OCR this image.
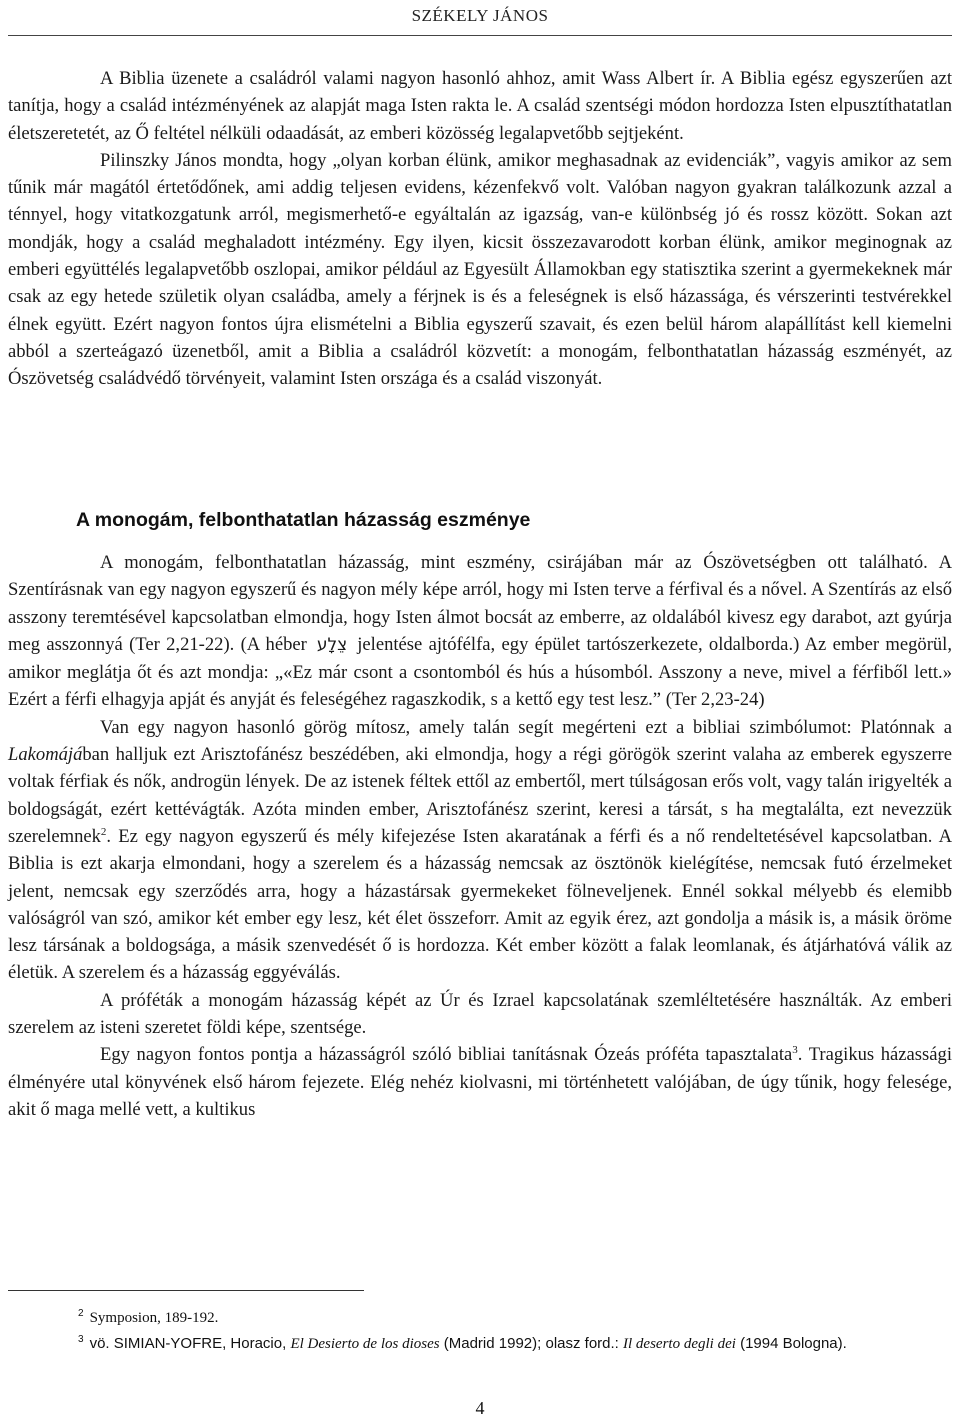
SZÉKELY JÁNOS

A Biblia üzenete a családról valami nagyon hasonló ahhoz, amit Wass Albert ír. A Biblia egész egyszerűen azt tanítja, hogy a család intézményének az alapját maga Isten rakta le. A család szentségi módon hordozza Isten elpusztíthatatlan életszeretetét, az Ő feltétel nélküli odaadását, az emberi közösség legalapvetőbb sejtjeként.

Pilinszky János mondta, hogy „olyan korban élünk, amikor meghasadnak az evidenciák”, vagyis amikor az sem tűnik már magától értetődőnek, ami addig teljesen evidens, kézenfekvő volt. Valóban nagyon gyakran találkozunk azzal a ténnyel, hogy vitatkozgatunk arról, megismerhető-e egyáltalán az igazság, van-e különbség jó és rossz között. Sokan azt mondják, hogy a család meghaladott intézmény. Egy ilyen, kicsit összezavarodott korban élünk, amikor meginognak az emberi együttélés legalapvetőbb oszlopai, amikor például az Egyesült Államokban egy statisztika szerint a gyermekeknek már csak az egy hetede születik olyan családba, amely a férjnek is és a feleségnek is első házassága, és vérszerinti testvérekkel élnek együtt. Ezért nagyon fontos újra elismételni a Biblia egyszerű szavait, és ezen belül három alapállítást kell kiemelni abból a szerteágazó üzenetből, amit a Biblia a családról közvetít: a monogám, felbonthatatlan házasság eszményét, az Ószövetség családvédő törvényeit, valamint Isten országa és a család viszonyát.

A monogám, felbonthatatlan házasság eszménye

A monogám, felbonthatatlan házasság, mint eszmény, csirájában már az Ószövetségben ott található. A Szentírásnak van egy nagyon egyszerű és nagyon mély képe arról, hogy mi Isten terve a férfival és a nővel. A Szentírás az első asszony teremtésével kapcsolatban elmondja, hogy Isten álmot bocsát az emberre, az oldalából kivesz egy darabot, azt gyúrja meg asszonnyá (Ter 2,21-22). (A héber צֵלָע jelentése ajtófélfa, egy épület tartószerkezete, oldalborda.) Az ember megörül, amikor meglátja őt és azt mondja: „«Ez már csont a csontomból és hús a húsomból. Asszony a neve, mivel a férfiből lett.» Ezért a férfi elhagyja apját és anyját és feleségéhez ragaszkodik, s a kettő egy test lesz.” (Ter 2,23-24)

Van egy nagyon hasonló görög mítosz, amely talán segít megérteni ezt a bibliai szimbólumot: Platónnak a Lakomájában halljuk ezt Arisztofánész beszédében, aki elmondja, hogy a régi görögök szerint valaha az emberek egyszerre voltak férfiak és nők, androgün lények. De az istenek féltek ettől az embertől, mert túlságosan erős volt, vagy talán irigyelték a boldogságát, ezért kettévágták. Azóta minden ember, Arisztofánész szerint, keresi a társát, s ha megtalálta, ezt nevezzük szerelemnek$^2$. Ez egy nagyon egyszerű és mély kifejezése Isten akaratának a férfi és a nő rendeltetésével kapcsolatban. A Biblia is ezt akarja elmondani, hogy a szerelem és a házasság nemcsak az ösztönök kielégítése, nemcsak futó érzelmeket jelent, nemcsak egy szerződés arra, hogy a házastársak gyermekeket fölneveljenek. Ennél sokkal mélyebb és elemibb valóságról van szó, amikor két ember egy lesz, két élet összeforr. Amit az egyik érez, azt gondolja a másik is, a másik öröme lesz társának a boldogsága, a másik szenvedését ő is hordozza. Két ember között a falak leomlanak, és átjárhatóvá válik az életük. A szerelem és a házasság eggyéválás.

A próféták a monogám házasság képét az Úr és Izrael kapcsolatának szemléltetésére használták. Az emberi szerelem az isteni szeretet földi képe, szentsége.

Egy nagyon fontos pontja a házasságról szóló bibliai tanításnak Ózeás próféta tapasztalata$^3$. Tragikus házassági élményére utal könyvének első három fejezete. Elég nehéz kiolvasni, mi történhetett valójában, de úgy tűnik, hogy felesége, akit ő maga mellé vett, a kultikus

$^2$ Symposion, 189-192.

$^3$ vö. SIMIAN-YOFRE, Horacio, El Desierto de los dioses (Madrid 1992); olasz ford.: Il deserto degli dei (1994 Bologna).

4
